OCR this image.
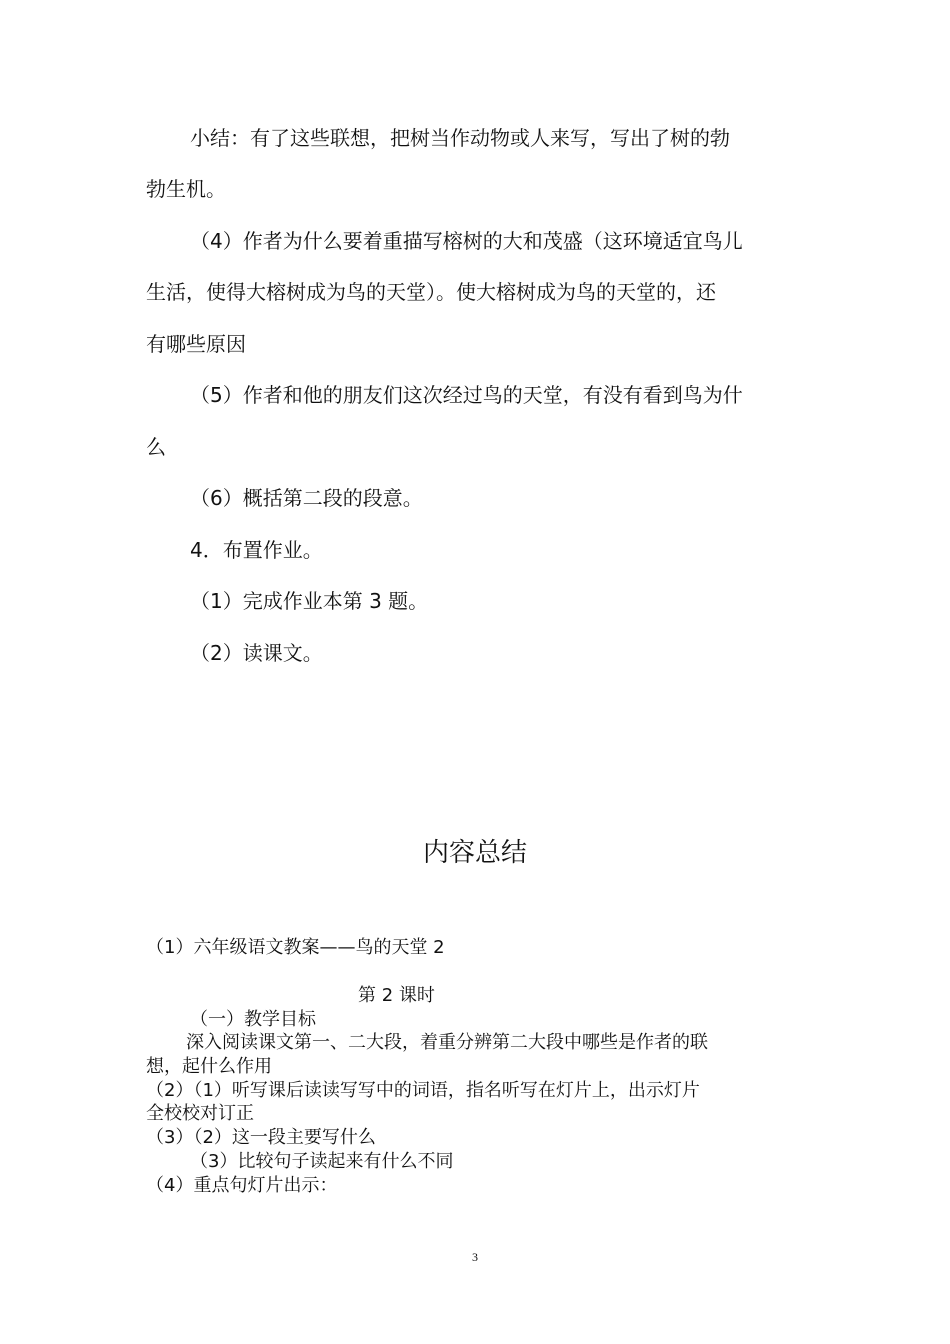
小结：有了这些联想，把树当作动物或人来写，写出了树的勃
勃生机。
（4）作者为什么要着重描写榕树的大和茂盛（这环境适宜鸟儿
生活，使得大榕树成为鸟的天堂）。使大榕树成为鸟的天堂的，还
有哪些原因
（5）作者和他的朋友们这次经过鸟的天堂，有没有看到鸟为什
么
（6）概括第二段的段意。
4．布置作业。
（1）完成作业本第 3 题。
（2）读课文。
内容总结
（1）六年级语文教案——鸟的天堂 2
第 2 课时
（一）教学目标
深入阅读课文第一、二大段，着重分辨第二大段中哪些是作者的联
想，起什么作用
（2）（1）听写课后读读写写中的词语，指名听写在灯片上，出示灯片
全校校对订正
（3）（2）这一段主要写什么
（3）比较句子读起来有什么不同
（4）重点句灯片出示：
3
